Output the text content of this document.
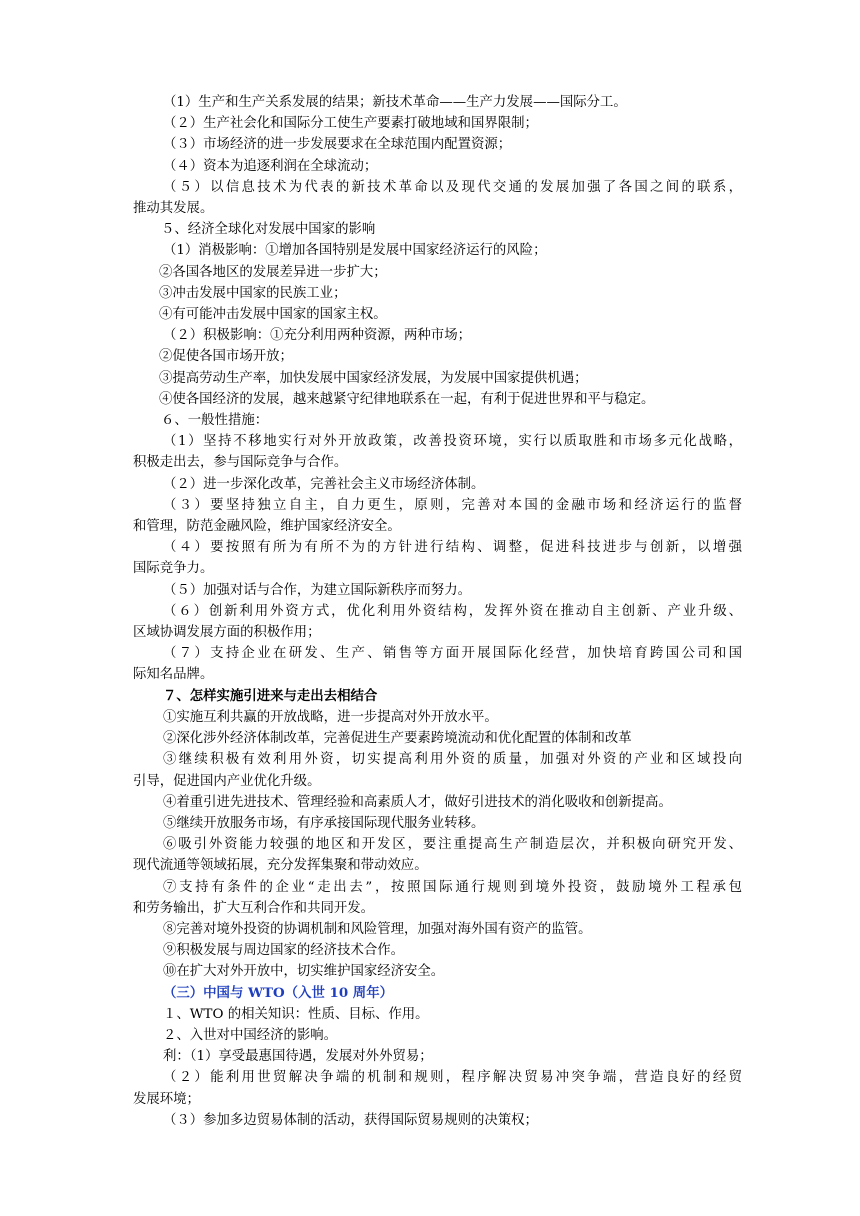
（1）生产和生产关系发展的结果；新技术革命——生产力发展——国际分工。

（２）生产社会化和国际分工使生产要素打破地域和国界限制；

（３）市场经济的进一步发展要求在全球范围内配置资源；

（４）资本为追逐利润在全球流动；

（５）以信息技术为代表的新技术革命以及现代交通的发展加强了各国之间的联系，

推动其发展。

５、经济全球化对发展中国家的影响

（1）消极影响：①增加各国特别是发展中国家经济运行的风险；

②各国各地区的发展差异进一步扩大；

③冲击发展中国家的民族工业；

④有可能冲击发展中国家的国家主权。

（２）积极影响：①充分利用两种资源，两种市场；

②促使各国市场开放；

③提高劳动生产率，加快发展中国家经济发展，为发展中国家提供机遇；

④使各国经济的发展，越来越紧守纪律地联系在一起，有利于促进世界和平与稳定。

６、一般性措施：

（1）坚持不移地实行对外开放政策，改善投资环境，实行以质取胜和市场多元化战略，

积极走出去，参与国际竞争与合作。

（２）进一步深化改革，完善社会主义市场经济体制。

（３）要坚持独立自主，自力更生，原则，完善对本国的金融市场和经济运行的监督

和管理，防范金融风险，维护国家经济安全。

（４）要按照有所为有所不为的方针进行结构、调整，促进科技进步与创新，以增强

国际竞争力。

（５）加强对话与合作，为建立国际新秩序而努力。

（６）创新利用外资方式，优化利用外资结构，发挥外资在推动自主创新、产业升级、

区域协调发展方面的积极作用；

（７）支持企业在研发、生产、销售等方面开展国际化经营，加快培育跨国公司和国

际知名品牌。

７、怎样实施引进来与走出去相结合

①实施互利共赢的开放战略，进一步提高对外开放水平。

②深化涉外经济体制改革，完善促进生产要素跨境流动和优化配置的体制和改革

③继续积极有效利用外资，切实提高利用外资的质量，加强对外资的产业和区域投向

引导，促进国内产业优化升级。

④着重引进先进技术、管理经验和高素质人才，做好引进技术的消化吸收和创新提高。

⑤继续开放服务市场，有序承接国际现代服务业转移。

⑥吸引外资能力较强的地区和开发区，要注重提高生产制造层次，并积极向研究开发、

现代流通等领域拓展，充分发挥集聚和带动效应。

⑦支持有条件的企业“走出去”，按照国际通行规则到境外投资，鼓励境外工程承包

和劳务输出，扩大互利合作和共同开发。

⑧完善对境外投资的协调机制和风险管理，加强对海外国有资产的监管。

⑨积极发展与周边国家的经济技术合作。

⑩在扩大对外开放中，切实维护国家经济安全。

（三）中国与 WTO（入世 10 周年）

１、WTO 的相关知识：性质、目标、作用。

２、入世对中国经济的影响。

利：（1）享受最惠国待遇，发展对外外贸易；

（２）能利用世贸解决争端的机制和规则，程序解决贸易冲突争端，营造良好的经贸

发展环境；

（３）参加多边贸易体制的活动，获得国际贸易规则的决策权；
